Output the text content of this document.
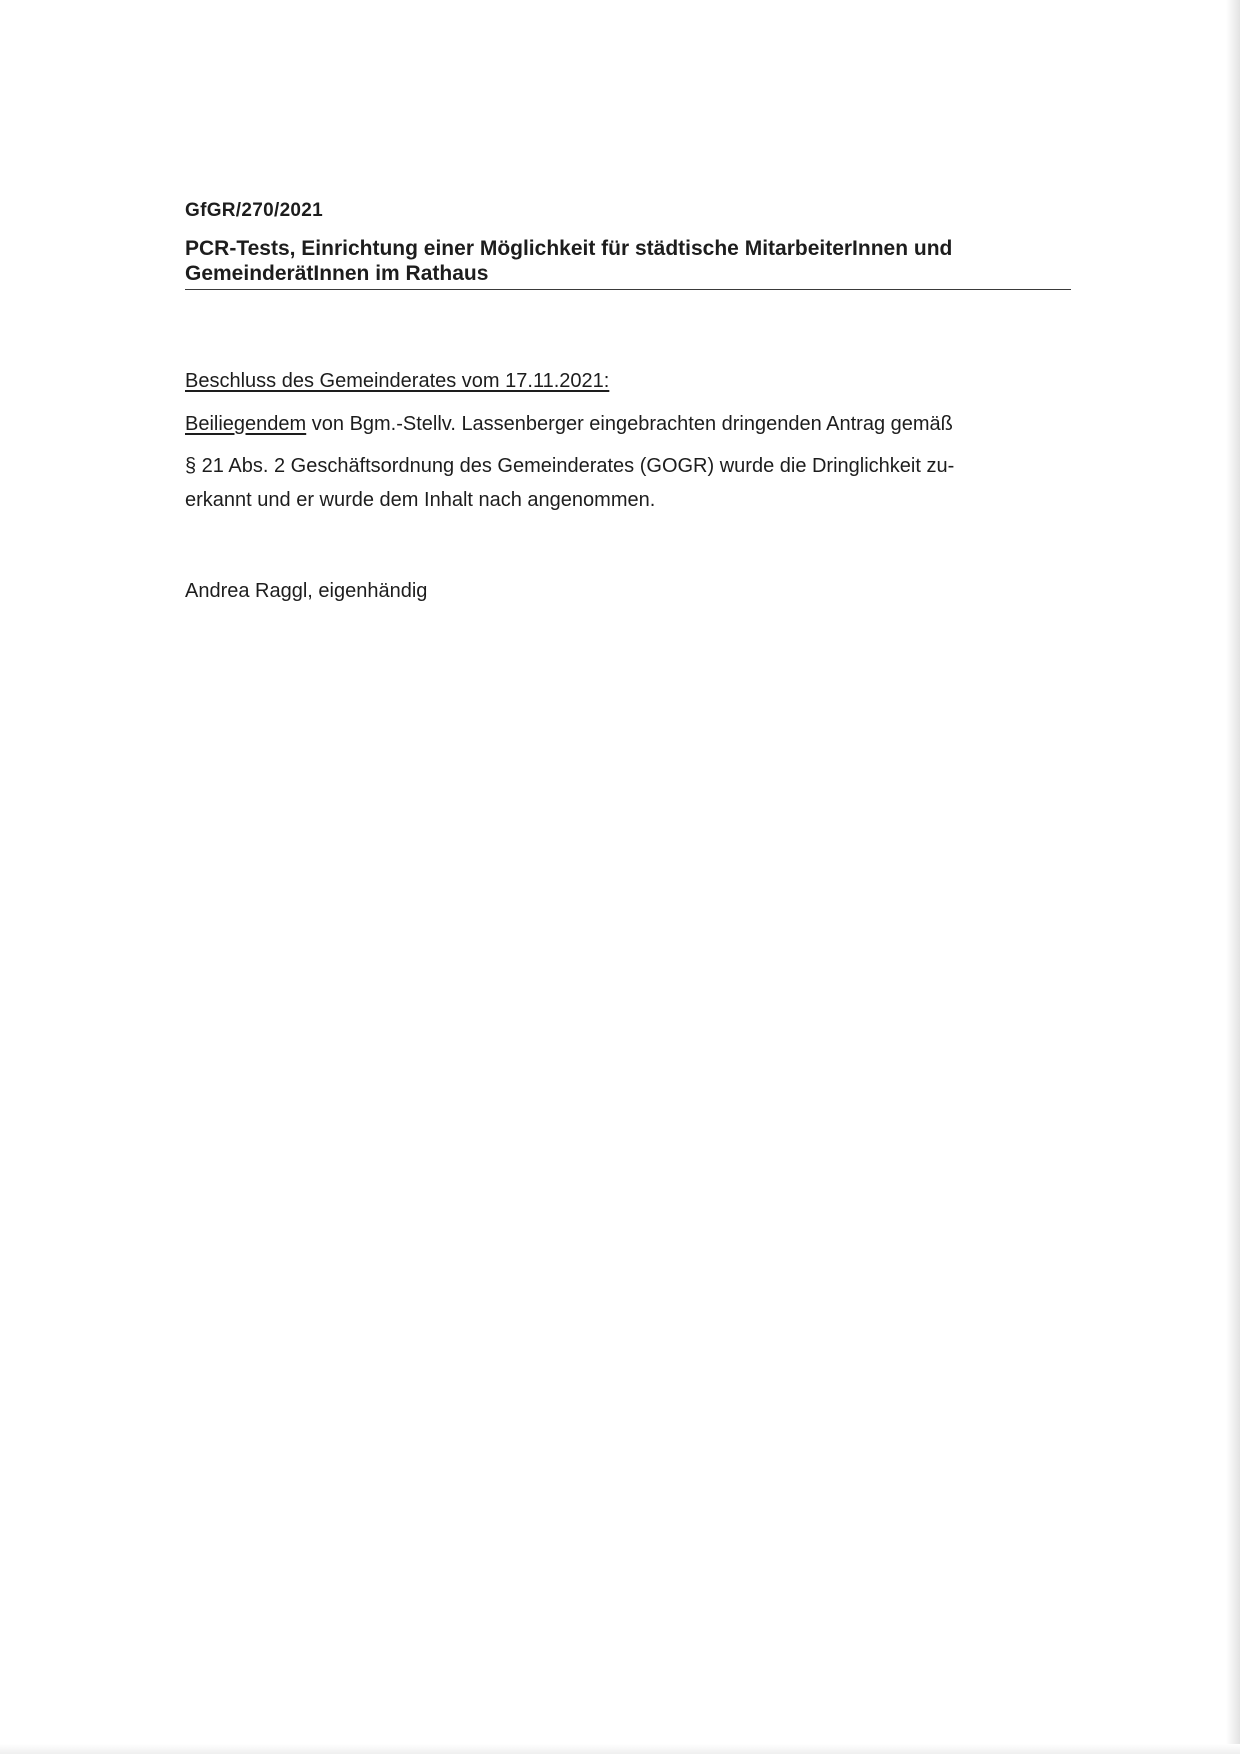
GfGR/270/2021
PCR-Tests, Einrichtung einer Möglichkeit für städtische MitarbeiterInnen und
GemeinderätInnen im Rathaus
Beschluss des Gemeinderates vom 17.11.2021:
Beiliegendem von Bgm.-Stellv. Lassenberger eingebrachten dringenden Antrag gemäß
§ 21 Abs. 2 Geschäftsordnung des Gemeinderates (GOGR) wurde die Dringlichkeit zu-
erkannt und er wurde dem Inhalt nach angenommen.
Andrea Raggl, eigenhändig
